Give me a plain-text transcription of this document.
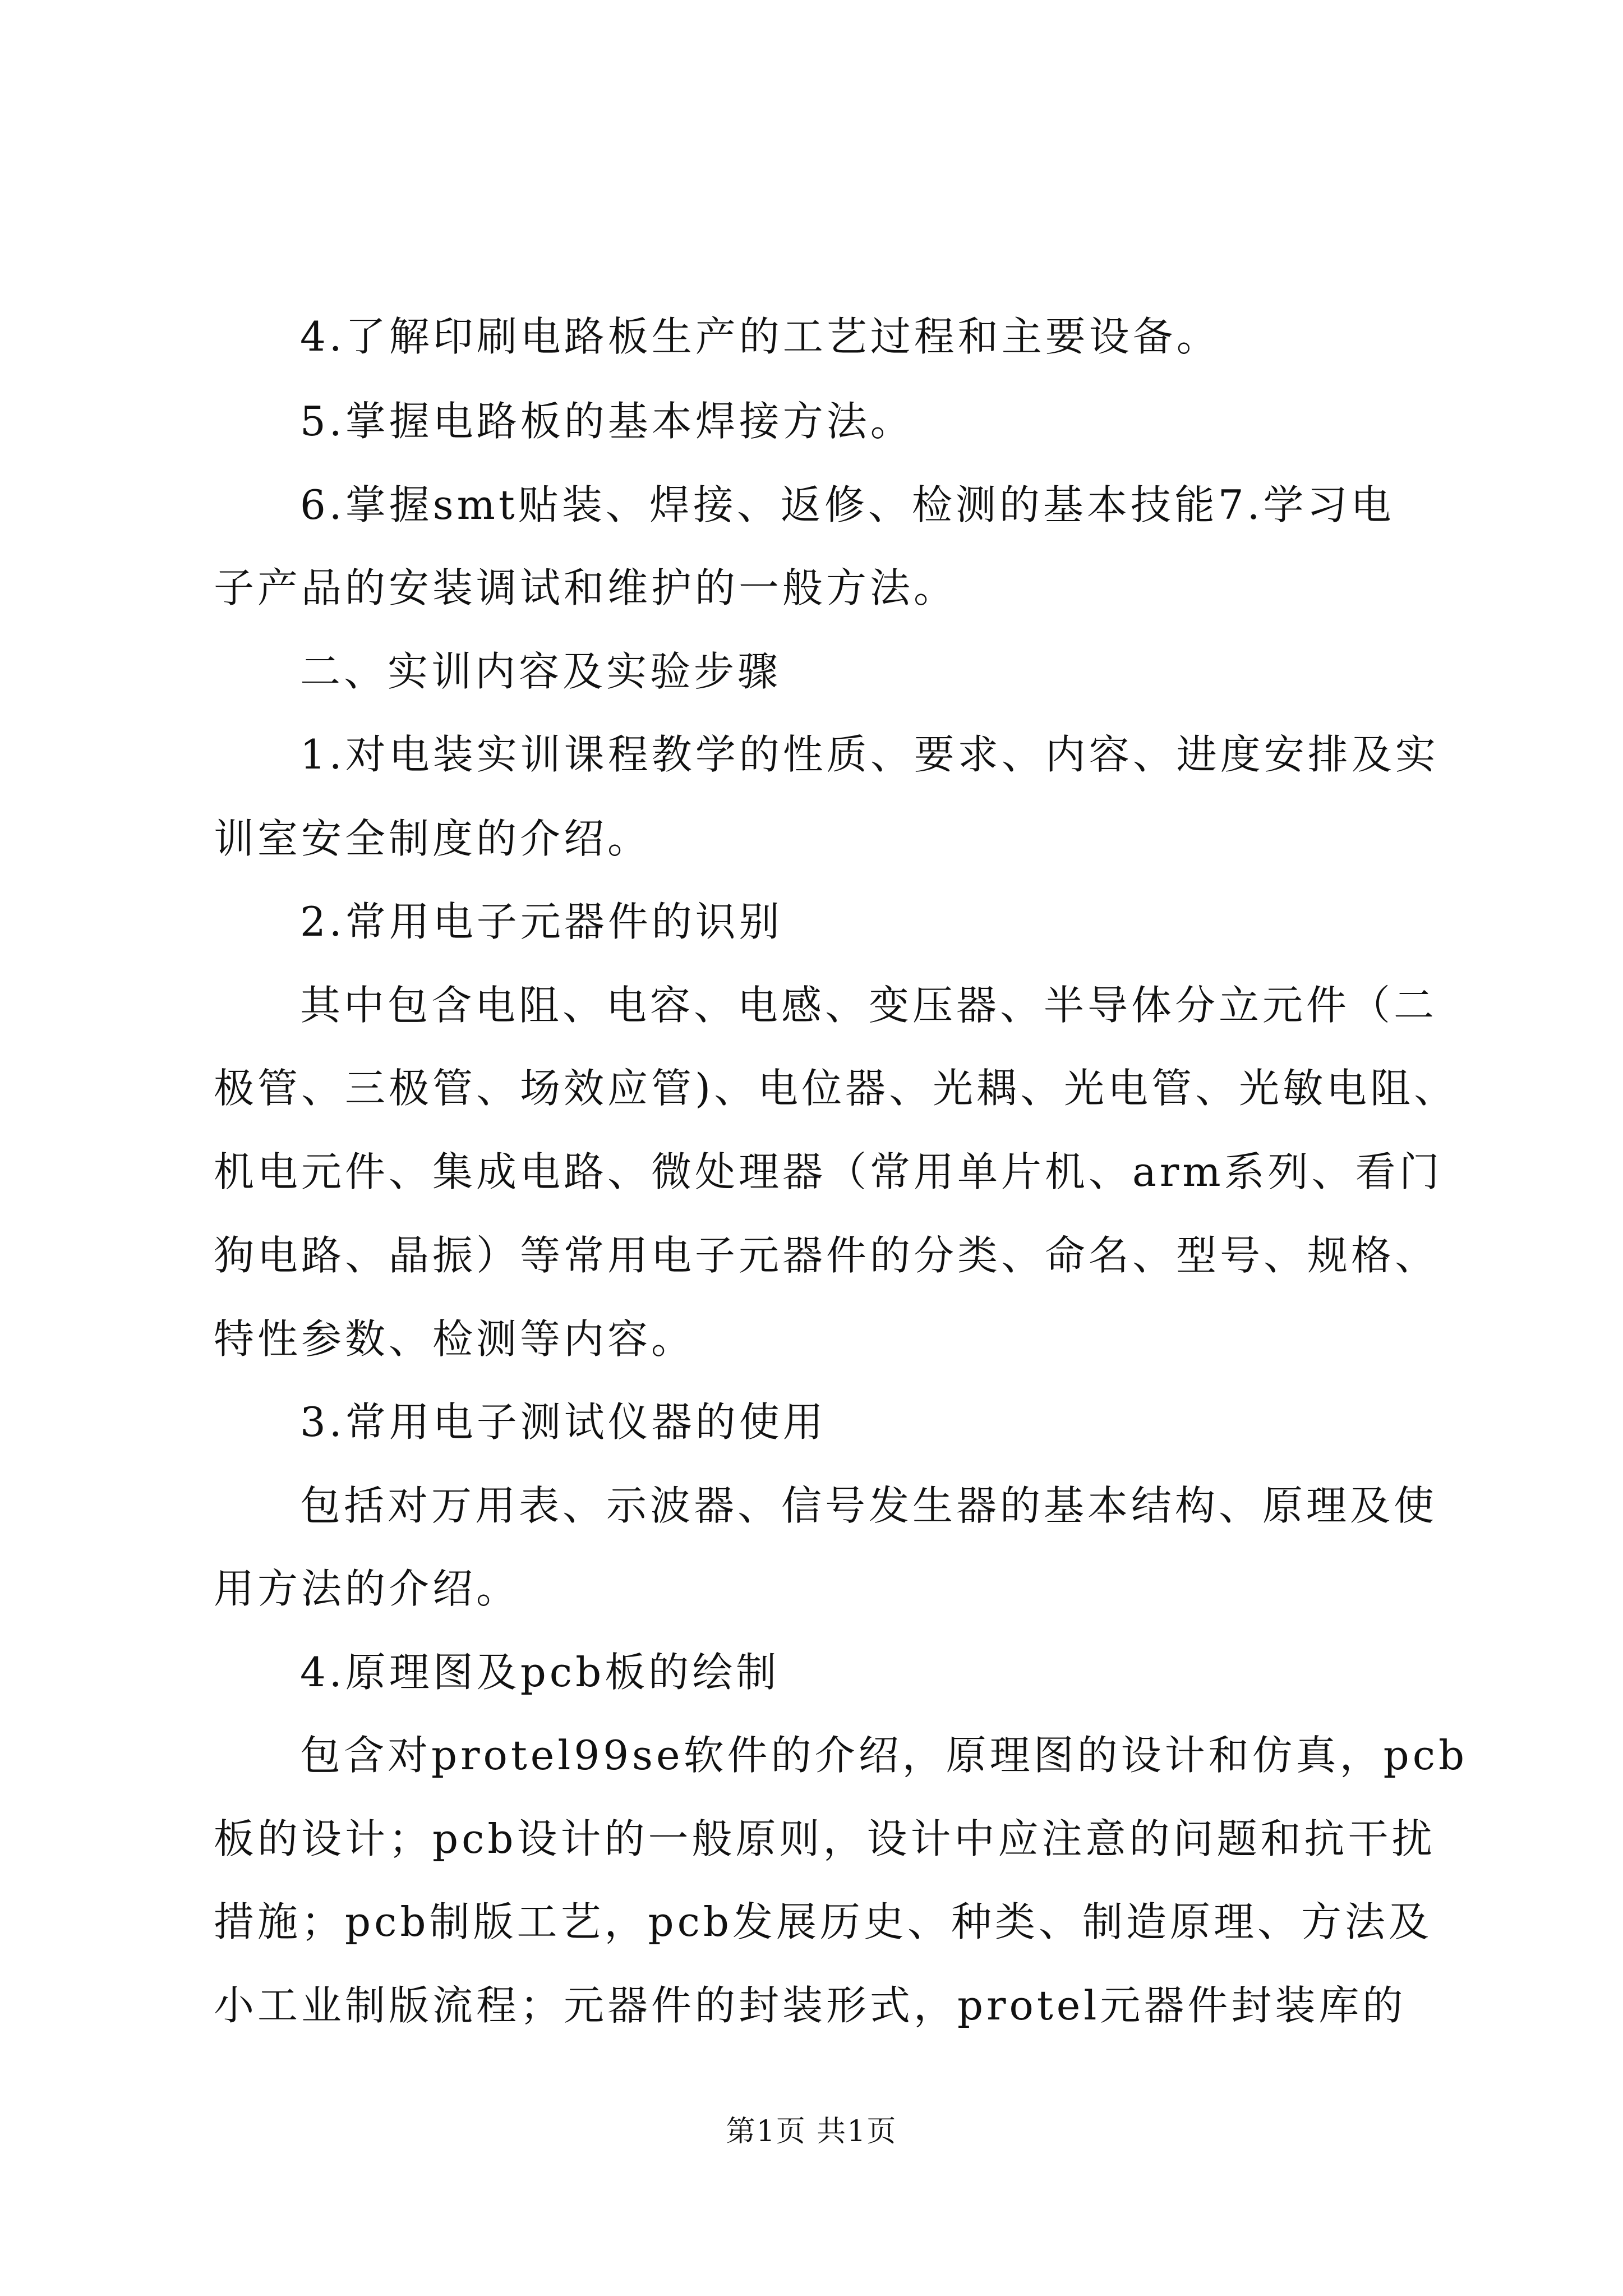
4.了解印刷电路板生产的工艺过程和主要设备。
5.掌握电路板的基本焊接方法。
6.掌握smt贴装、焊接、返修、检测的基本技能7.学习电
子产品的安装调试和维护的一般方法。
二、实训内容及实验步骤
1.对电装实训课程教学的性质、要求、内容、进度安排及实
训室安全制度的介绍。
2.常用电子元器件的识别
其中包含电阻、电容、电感、变压器、半导体分立元件（二
极管、三极管、场效应管)、电位器、光耦、光电管、光敏电阻、
机电元件、集成电路、微处理器（常用单片机、arm系列、看门
狗电路、晶振）等常用电子元器件的分类、命名、型号、规格、
特性参数、检测等内容。
3.常用电子测试仪器的使用
包括对万用表、示波器、信号发生器的基本结构、原理及使
用方法的介绍。
4.原理图及pcb板的绘制
包含对protel99se软件的介绍，原理图的设计和仿真，pcb
板的设计；pcb设计的一般原则，设计中应注意的问题和抗干扰
措施；pcb制版工艺，pcb发展历史、种类、制造原理、方法及
小工业制版流程；元器件的封装形式，protel元器件封装库的
第1页 共1页
